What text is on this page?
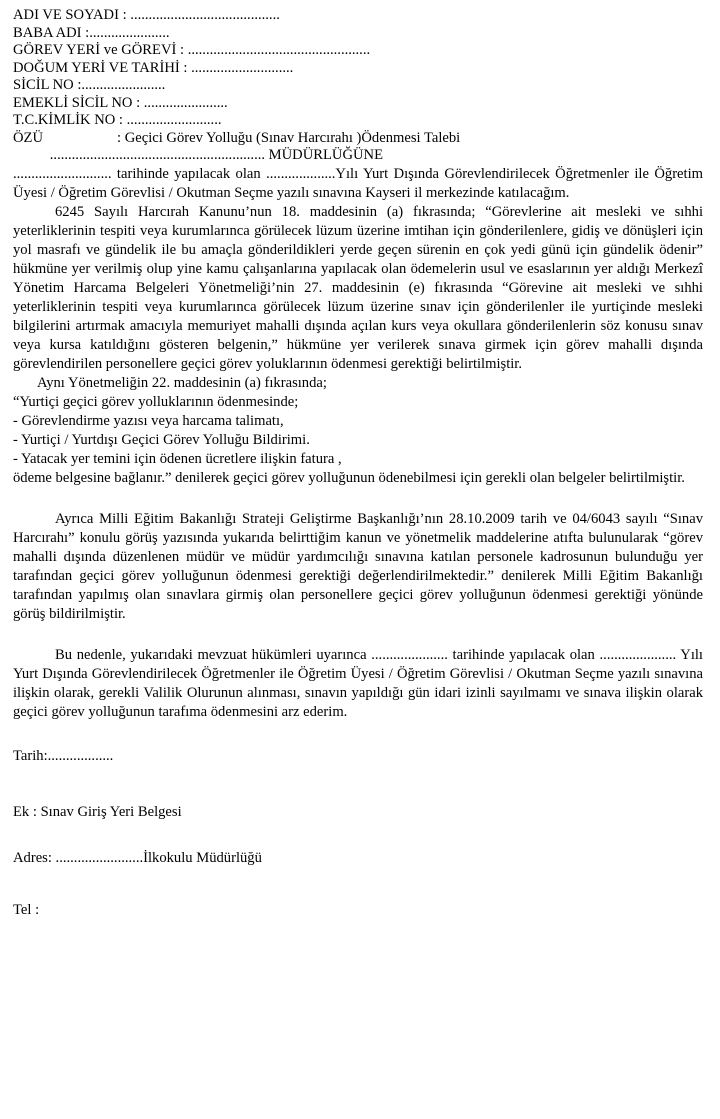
ADI VE SOYADI : .........................................
BABA ADI :......................
GÖREV YERİ ve GÖREVİ : ..................................................
DOĞUM YERİ VE TARİHİ : ............................
SİCİL NO :.......................
EMEKLİ SİCİL NO : .......................
T.C.KİMLİK NO : ..........................
ÖZÜ	: Geçici Görev Yolluğu (Sınav Harcırahı )Ödenmesi Talebi
........................................................... MÜDÜRLÜĞÜNE

........................... tarihinde yapılacak olan ...................Yılı Yurt Dışında Görevlendirilecek Öğretmenler ile Öğretim Üyesi / Öğretim Görevlisi / Okutman Seçme yazılı sınavına Kayseri il merkezinde katılacağım.

6245 Sayılı Harcırah Kanunu’nun 18. maddesinin (a) fıkrasında; “Görevlerine ait mesleki ve sıhhi yeterliklerinin tespiti veya kurumlarınca görülecek lüzum üzerine imtihan için gönderilenlere, gidiş ve dönüşleri için yol masrafı ve gündelik ile bu amaçla gönderildikleri yerde geçen sürenin en çok yedi günü için gündelik ödenir” hükmüne yer verilmiş olup yine kamu çalışanlarına yapılacak olan ödemelerin usul ve esaslarının yer aldığı Merkezî Yönetim Harcama Belgeleri Yönetmeliği’nin 27. maddesinin (e) fıkrasında “Görevine ait mesleki ve sıhhi yeterliklerinin tespiti veya kurumlarınca görülecek lüzum üzerine sınav için gönderilenler ile yurtiçinde mesleki bilgilerini artırmak amacıyla memuriyet mahalli dışında açılan kurs veya okullara gönderilenlerin söz konusu sınav veya kursa katıldığını gösteren belgenin,” hükmüne yer verilerek sınava girmek için görev mahalli dışında görevlendirilen personellere geçici görev yoluklarının ödenmesi gerektiği belirtilmiştir.

Aynı Yönetmeliğin 22. maddesinin (a) fıkrasında;

“Yurtiçi geçici görev yolluklarının ödenmesinde;

- Görevlendirme yazısı veya harcama talimatı,

- Yurtiçi / Yurtdışı Geçici Görev Yolluğu Bildirimi.

- Yatacak yer temini için ödenen ücretlere ilişkin fatura ,

ödeme belgesine bağlanır.” denilerek geçici görev yolluğunun ödenebilmesi için gerekli olan belgeler belirtilmiştir.

Ayrıca Milli Eğitim Bakanlığı Strateji Geliştirme Başkanlığı’nın 28.10.2009 tarih ve 04/6043 sayılı “Sınav Harcırahı” konulu görüş yazısında yukarıda belirttiğim kanun ve yönetmelik maddelerine atıfta bulunularak “görev mahalli dışında düzenlenen müdür ve müdür yardımcılığı sınavına katılan personele kadrosunun bulunduğu yer tarafından geçici görev yolluğunun ödenmesi gerektiği değerlendirilmektedir.” denilerek Milli Eğitim Bakanlığı tarafından yapılmış olan sınavlara girmiş olan personellere geçici görev yolluğunun ödenmesi gerektiği yönünde görüş bildirilmiştir.

Bu nedenle, yukarıdaki mevzuat hükümleri uyarınca ..................... tarihinde yapılacak olan ..................... Yılı Yurt Dışında Görevlendirilecek Öğretmenler ile Öğretim Üyesi / Öğretim Görevlisi / Okutman Seçme yazılı sınavına ilişkin olarak, gerekli Valilik Olurunun alınması, sınavın yapıldığı gün idari izinli sayılmamı ve sınava ilişkin olarak geçici görev yolluğunun tarafıma ödenmesini arz ederim.

Tarih:..................
Ek : Sınav Giriş Yeri Belgesi
Adres: ........................İlkokulu Müdürlüğü
Tel :
